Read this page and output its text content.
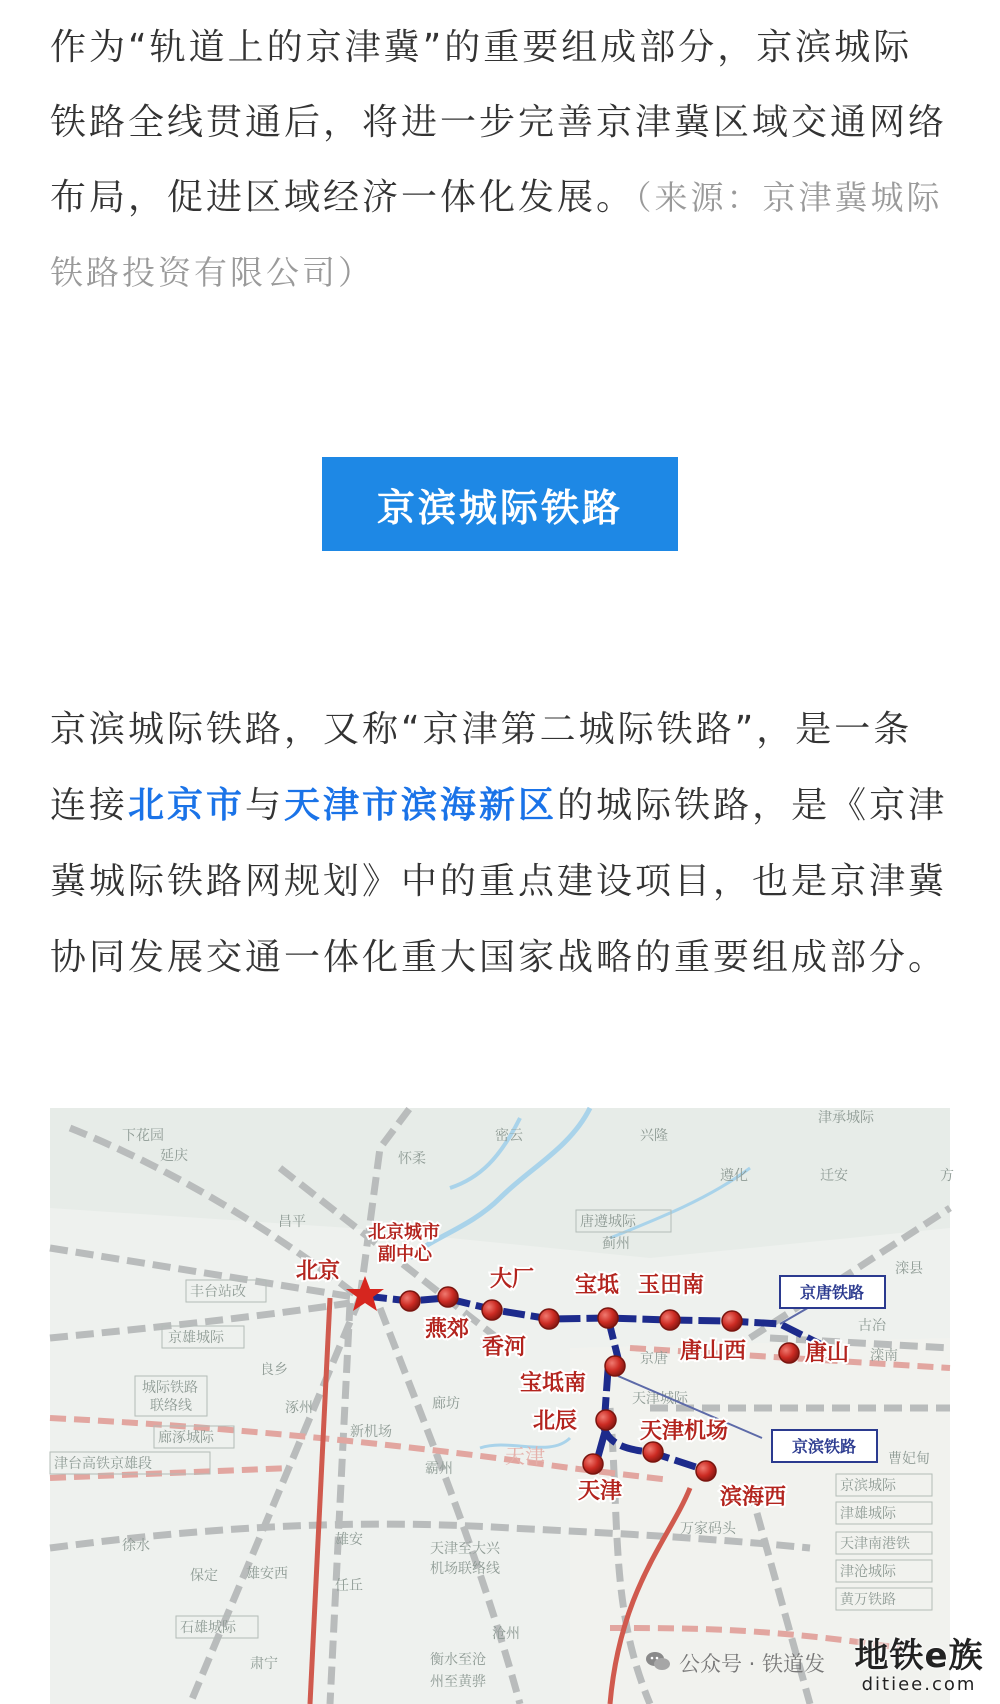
作为“轨道上的京津冀”的重要组成部分，京滨城际铁路全线贯通后，将进一步完善京津冀区域交通网络布局，促进区域经济一体化发展。（来源：京津冀城际铁路投资有限公司）
京滨城际铁路
京滨城际铁路，又称“京津第二城际铁路”，是一条连接北京市与天津市滨海新区的城际铁路，是《京津冀城际铁路网规划》中的重点建设项目，也是京津冀协同发展交通一体化重大国家战略的重要组成部分。
下花园
延庆	怀柔
密云	兴隆
遵化	迁安
津承城际
方
昌平	唐遵城际
蓟州
滦县
古冶
丰台站改
京雄城际
良乡
城际铁路
联络线	涿州
新机场
廊坊
廊涿城际
津台高铁京雄段	霸州
京唐
天津城际
滦南
曹妃甸
京滨城际
津雄城际
天津南港铁
津沧城际
黄万铁路
万家码头
天津至大兴
机场联络线
徐水
保定
雄安
雄安西
任丘
石雄城际
肃宁	衡水至沧
州至黄骅
沧州
天津
北京
北京城市
副中心
燕郊
大厂
香河
宝坻 玉田南
唐山西	唐山
宝坻南
北辰	天津机场
天津	滨海西
京唐铁路
京滨铁路
公众号 · 铁道发 地铁e族
ditiee.com
